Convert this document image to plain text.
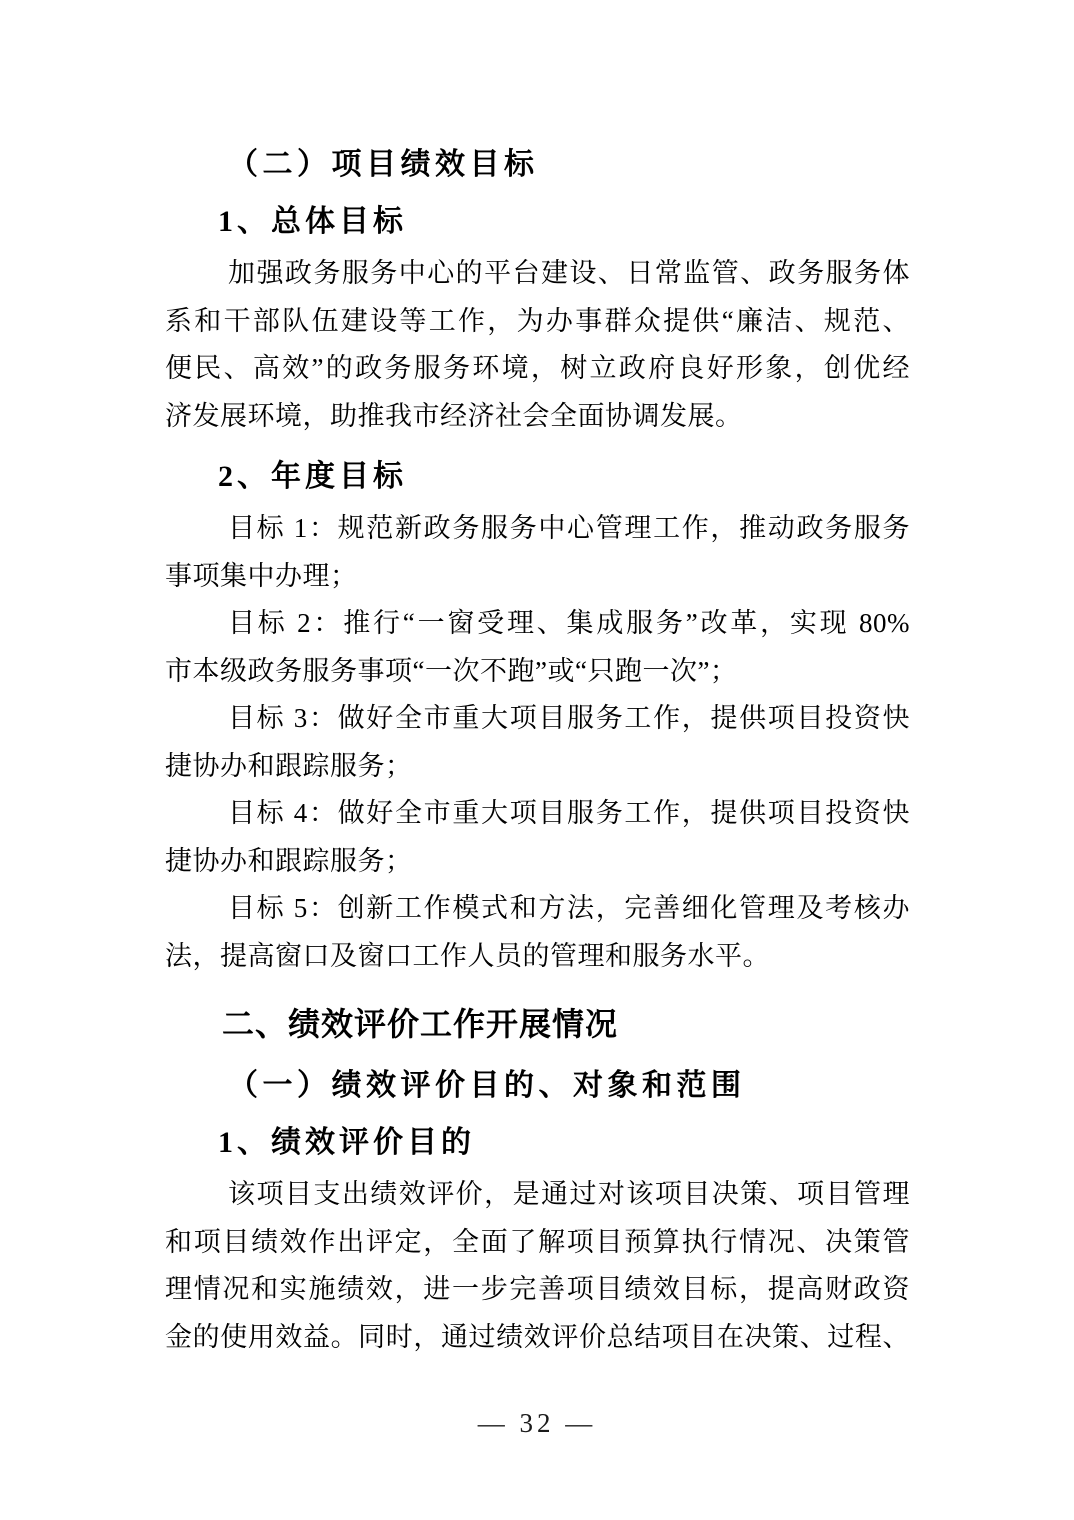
（二）项目绩效目标
1、总体目标
加强政务服务中心的平台建设、日常监管、政务服务体
系和干部队伍建设等工作，为办事群众提供“廉洁、规范、
便民、高效”的政务服务环境，树立政府良好形象，创优经
济发展环境，助推我市经济社会全面协调发展。
2、年度目标
目标 1：规范新政务服务中心管理工作，推动政务服务
事项集中办理；
目标 2：推行“一窗受理、集成服务”改革，实现 80%
市本级政务服务事项“一次不跑”或“只跑一次”；
目标 3：做好全市重大项目服务工作，提供项目投资快
捷协办和跟踪服务；
目标 4：做好全市重大项目服务工作，提供项目投资快
捷协办和跟踪服务；
目标 5：创新工作模式和方法，完善细化管理及考核办
法，提高窗口及窗口工作人员的管理和服务水平。
二、绩效评价工作开展情况
（一）绩效评价目的、对象和范围
1、绩效评价目的
该项目支出绩效评价，是通过对该项目决策、项目管理
和项目绩效作出评定，全面了解项目预算执行情况、决策管
理情况和实施绩效，进一步完善项目绩效目标，提高财政资
金的使用效益。同时，通过绩效评价总结项目在决策、过程、
— 32 —
